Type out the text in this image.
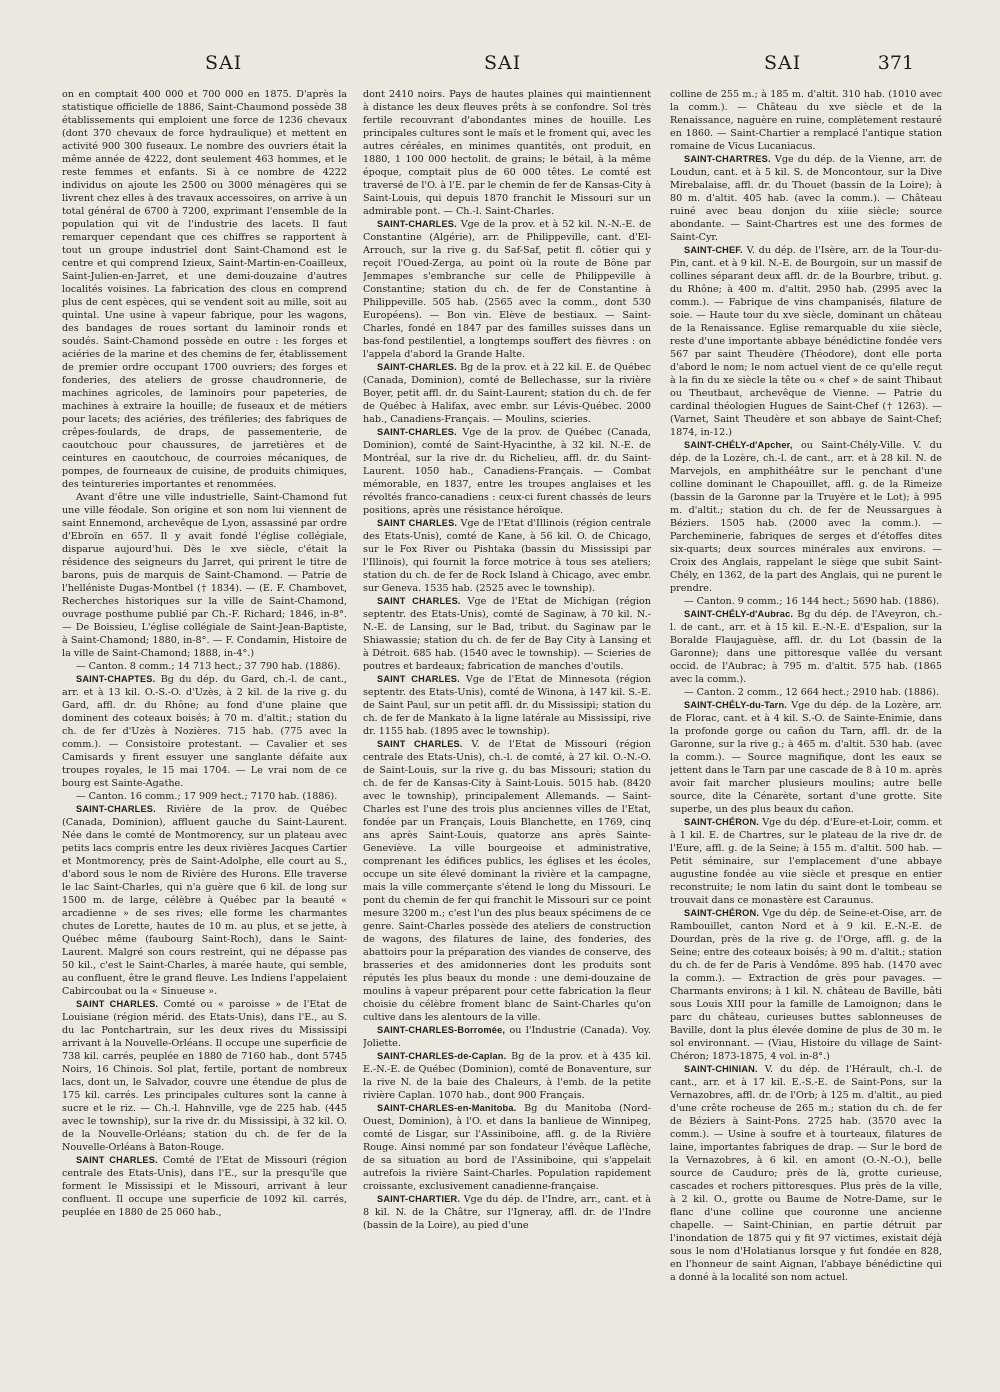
SAI	SAI	SAI	371

on en comptait 400 000 et 700 000 en 1875. D'après la statistique officielle de 1886, Saint-Chaumond possède 38 établissements qui emploient une force de 1236 chevaux (dont 370 chevaux de force hydraulique) et mettent en activité 900 300 fuseaux. Le nombre des ouvriers était la même année de 4222, dont seulement 463 hommes, et le reste femmes et enfants. Si à ce nombre de 4222 individus on ajoute les 2500 ou 3000 ménagères qui se livrent chez elles à des travaux accessoires, on arrive à un total général de 6700 à 7200, exprimant l'ensemble de la population qui vit de l'industrie des lacets. Il faut remarquer cependant que ces chiffres se rapportent à tout un groupe industriel dont Saint-Chamond est le centre et qui comprend Izieux, Saint-Martin-en-Coailleux, Saint-Julien-en-Jarret, et une demi-douzaine d'autres localités voisines. La fabrication des clous en comprend plus de cent espèces, qui se vendent soit au mille, soit au quintal. Une usine à vapeur fabrique, pour les wagons, des bandages de roues sortant du laminoir ronds et soudés. Saint-Chamond possède en outre : les forges et aciéries de la marine et des chemins de fer, établissement de premier ordre occupant 1700 ouvriers; des forges et fonderies, des ateliers de grosse chaudronnerie, de machines agricoles, de laminoirs pour papeteries, de machines à extraire la houille; de fuseaux et de métiers pour lacets; des aciéries, des tréfileries; des fabriques de crêpes-foulards, de draps, de passementerie, de caoutchouc pour chaussures, de jarretières et de ceintures en caoutchouc, de courroies mécaniques, de pompes, de fourneaux de cuisine, de produits chimiques, des teintureries importantes et renommées.

Avant d'être une ville industrielle, Saint-Chamond fut une ville féodale. Son origine et son nom lui viennent de saint Ennemond, archevêque de Lyon, assassiné par ordre d'Ebroïn en 657. Il y avait fondé l'église collégiale, disparue aujourd'hui. Dès le xve siècle, c'était la résidence des seigneurs du Jarret, qui prirent le titre de barons, puis de marquis de Saint-Chamond. — Patrie de l'helléniste Dugas-Montbel († 1834). — (E. F. Chambovet, Recherches historiques sur la ville de Saint-Chamond, ouvrage posthume publié par Ch.-F. Richard; 1846, in-8°. — De Boissieu, L'église collégiale de Saint-Jean-Baptiste, à Saint-Chamond; 1880, in-8°. — F. Condamin, Histoire de la ville de Saint-Chamond; 1888, in-4°.)

— Canton. 8 comm.; 14 713 hect.; 37 790 hab. (1886).

SAINT-CHAPTES. Bg du dép. du Gard, ch.-l. de cant., arr. et à 13 kil. O.-S.-O. d'Uzès, à 2 kil. de la rive g. du Gard, affl. dr. du Rhône; au fond d'une plaine que dominent des coteaux boisés; à 70 m. d'altit.; station du ch. de fer d'Uzès à Nozières. 715 hab. (775 avec la comm.). — Consistoire protestant. — Cavalier et ses Camisards y firent essuyer une sanglante défaite aux troupes royales, le 15 mai 1704. — Le vrai nom de ce bourg est Sainte-Agathe.

— Canton. 16 comm.; 17 909 hect.; 7170 hab. (1886).

SAINT-CHARLES. Rivière de la prov. de Québec (Canada, Dominion), affluent gauche du Saint-Laurent. Née dans le comté de Montmorency, sur un plateau avec petits lacs compris entre les deux rivières Jacques Cartier et Montmorency, près de Saint-Adolphe, elle court au S., d'abord sous le nom de Rivière des Hurons. Elle traverse le lac Saint-Charles, qui n'a guère que 6 kil. de long sur 1500 m. de large, célèbre à Québec par la beauté « arcadienne » de ses rives; elle forme les charmantes chutes de Lorette, hautes de 10 m. au plus, et se jette, à Québec même (faubourg Saint-Roch), dans le Saint-Laurent. Malgré son cours restreint, qui ne dépasse pas 50 kil., c'est le Saint-Charles, à marée haute, qui semble, au confluent, être le grand fleuve. Les Indiens l'appelaient Cabircoubat ou la « Sinueuse ».

SAINT CHARLES. Comté ou « paroisse » de l'Etat de Louisiane (région mérid. des Etats-Unis), dans l'E., au S. du lac Pontchartrain, sur les deux rives du Mississipi arrivant à la Nouvelle-Orléans. Il occupe une superficie de 738 kil. carrés, peuplée en 1880 de 7160 hab., dont 5745 Noirs, 16 Chinois. Sol plat, fertile, portant de nombreux lacs, dont un, le Salvador, couvre une étendue de plus de 175 kil. carrés. Les principales cultures sont la canne à sucre et le riz. — Ch.-l. Hahnville, vge de 225 hab. (445 avec le township), sur la rive dr. du Mississipi, à 32 kil. O. de la Nouvelle-Orléans; station du ch. de fer de la Nouvelle-Orléans à Baton-Rouge.

SAINT CHARLES. Comté de l'Etat de Missouri (région centrale des Etats-Unis), dans l'E., sur la presqu'île que forment le Mississipi et le Missouri, arrivant à leur confluent. Il occupe une superficie de 1092 kil. carrés, peuplée en 1880 de 25 060 hab.,

dont 2410 noirs. Pays de hautes plaines qui maintiennent à distance les deux fleuves prêts à se confondre. Sol très fertile recouvrant d'abondantes mines de houille. Les principales cultures sont le maïs et le froment qui, avec les autres céréales, en minimes quantités, ont produit, en 1880, 1 100 000 hectolit. de grains; le bétail, à la même époque, comptait plus de 60 000 têtes. Le comté est traversé de l'O. à l'E. par le chemin de fer de Kansas-City à Saint-Louis, qui depuis 1870 franchit le Missouri sur un admirable pont. — Ch.-l. Saint-Charles.

SAINT-CHARLES. Vge de la prov. et à 52 kil. N.-N.-E. de Constantine (Algérie), arr. de Philippeville, cant. d'El-Arrouch, sur la rive g. du Saf-Saf, petit fl. côtier qui y reçoit l'Oued-Zerga, au point où la route de Bône par Jemmapes s'embranche sur celle de Philippeville à Constantine; station du ch. de fer de Constantine à Philippeville. 505 hab. (2565 avec la comm., dont 530 Européens). — Bon vin. Elève de bestiaux. — Saint-Charles, fondé en 1847 par des familles suisses dans un bas-fond pestilentiel, a longtemps souffert des fièvres : on l'appela d'abord la Grande Halte.

SAINT-CHARLES. Bg de la prov. et à 22 kil. E. de Québec (Canada, Dominion), comté de Bellechasse, sur la rivière Boyer, petit affl. dr. du Saint-Laurent; station du ch. de fer de Québec à Halifax, avec embr. sur Lévis-Québec. 2000 hab., Canadiens-Français. — Moulins, scieries.

SAINT-CHARLES. Vge de la prov. de Québec (Canada, Dominion), comté de Saint-Hyacinthe, à 32 kil. N.-E. de Montréal, sur la rive dr. du Richelieu, affl. dr. du Saint-Laurent. 1050 hab., Canadiens-Français. — Combat mémorable, en 1837, entre les troupes anglaises et les révoltés franco-canadiens : ceux-ci furent chassés de leurs positions, après une résistance héroïque.

SAINT CHARLES. Vge de l'Etat d'Illinois (région centrale des Etats-Unis), comté de Kane, à 56 kil. O. de Chicago, sur le Fox River ou Pishtaka (bassin du Mississipi par l'Illinois), qui fournit la force motrice à tous ses ateliers; station du ch. de fer de Rock Island à Chicago, avec embr. sur Geneva. 1535 hab. (2525 avec le township).

SAINT CHARLES. Vge de l'Etat de Michigan (région septentr. des Etats-Unis), comté de Saginaw, à 70 kil. N.-N.-E. de Lansing, sur le Bad, tribut. du Saginaw par le Shiawassie; station du ch. de fer de Bay City à Lansing et à Détroit. 685 hab. (1540 avec le township). — Scieries de poutres et bardeaux; fabrication de manches d'outils.

SAINT CHARLES. Vge de l'Etat de Minnesota (région septentr. des Etats-Unis), comté de Winona, à 147 kil. S.-E. de Saint Paul, sur un petit affl. dr. du Mississipi; station du ch. de fer de Mankato à la ligne latérale au Mississipi, rive dr. 1155 hab. (1895 avec le township).

SAINT CHARLES. V. de l'Etat de Missouri (région centrale des Etats-Unis), ch.-l. de comté, à 27 kil. O.-N.-O. de Saint-Louis, sur la rive g. du bas Missouri; station du ch. de fer de Kansas-City à Saint-Louis. 5015 hab. (8420 avec le township), principalement Allemands. — Saint-Charles est l'une des trois plus anciennes villes de l'Etat, fondée par un Français, Louis Blanchette, en 1769, cinq ans après Saint-Louis, quatorze ans après Sainte-Geneviève. La ville bourgeoise et administrative, comprenant les édifices publics, les églises et les écoles, occupe un site élevé dominant la rivière et la campagne, mais la ville commerçante s'étend le long du Missouri. Le pont du chemin de fer qui franchit le Missouri sur ce point mesure 3200 m.; c'est l'un des plus beaux spécimens de ce genre. Saint-Charles possède des ateliers de construction de wagons, des filatures de laine, des fonderies, des abattoirs pour la préparation des viandes de conserve, des brasseries et des amidonneries dont les produits sont réputés les plus beaux du monde : une demi-douzaine de moulins à vapeur préparent pour cette fabrication la fleur choisie du célèbre froment blanc de Saint-Charles qu'on cultive dans les alentours de la ville.

SAINT-CHARLES-Borromée, ou l'Industrie (Canada). Voy. Joliette.

SAINT-CHARLES-de-Caplan. Bg de la prov. et à 435 kil. E.-N.-E. de Québec (Dominion), comté de Bonaventure, sur la rive N. de la baie des Chaleurs, à l'emb. de la petite rivière Caplan. 1070 hab., dont 900 Français.

SAINT-CHARLES-en-Manitoba. Bg du Manitoba (Nord-Ouest, Dominion), à l'O. et dans la banlieue de Winnipeg, comté de Lisgar, sur l'Assiniboine, affl. g. de la Rivière Rouge. Ainsi nommé par son fondateur l'évêque Laflèche, de sa situation au bord de l'Assiniboine, qui s'appelait autrefois la rivière Saint-Charles. Population rapidement croissante, exclusivement canadienne-française.

SAINT-CHARTIER. Vge du dép. de l'Indre, arr., cant. et à 8 kil. N. de la Châtre, sur l'Igneray, affl. dr. de l'Indre (bassin de la Loire), au pied d'une

colline de 255 m.; à 185 m. d'altit. 310 hab. (1010 avec la comm.). — Château du xve siècle et de la Renaissance, naguère en ruine, complètement restauré en 1860. — Saint-Chartier a remplacé l'antique station romaine de Vicus Lucaniacus.

SAINT-CHARTRES. Vge du dép. de la Vienne, arr. de Loudun, cant. et à 5 kil. S. de Moncontour, sur la Dive Mirebalaise, affl. dr. du Thouet (bassin de la Loire); à 80 m. d'altit. 405 hab. (avec la comm.). — Château ruiné avec beau donjon du xiiie siècle; source abondante. — Saint-Chartres est une des formes de Saint-Cyr.

SAINT-CHEF. V. du dép. de l'Isère, arr. de la Tour-du-Pin, cant. et à 9 kil. N.-E. de Bourgoin, sur un massif de collines séparant deux affl. dr. de la Bourbre, tribut. g. du Rhône; à 400 m. d'altit. 2950 hab. (2995 avec la comm.). — Fabrique de vins champanisés, filature de soie. — Haute tour du xve siècle, dominant un château de la Renaissance. Eglise remarquable du xiie siècle, reste d'une importante abbaye bénédictine fondée vers 567 par saint Theudère (Théodore), dont elle porta d'abord le nom; le nom actuel vient de ce qu'elle reçut à la fin du xe siècle la tête ou « chef » de saint Thibaut ou Theutbaut, archevêque de Vienne. — Patrie du cardinal théologien Hugues de Saint-Chef († 1263). — (Varnet, Saint Theudère et son abbaye de Saint-Chef; 1874, in-12.)

SAINT-CHÉLY-d'Apcher, ou Saint-Chély-Ville. V. du dép. de la Lozère, ch.-l. de cant., arr. et à 28 kil. N. de Marvejols, en amphithéâtre sur le penchant d'une colline dominant le Chapouillet, affl. g. de la Rimeize (bassin de la Garonne par la Truyère et le Lot); à 995 m. d'altit.; station du ch. de fer de Neussargues à Béziers. 1505 hab. (2000 avec la comm.). — Parcheminerie, fabriques de serges et d'étoffes dites six-quarts; deux sources minérales aux environs. — Croix des Anglais, rappelant le siège que subit Saint-Chély, en 1362, de la part des Anglais, qui ne purent le prendre.

— Canton. 9 comm.; 16 144 hect.; 5690 hab. (1886).

SAINT-CHÉLY-d'Aubrac. Bg du dép. de l'Aveyron, ch.-l. de cant., arr. et à 15 kil. E.-N.-E. d'Espalion, sur la Boralde Flaujaguèse, affl. dr. du Lot (bassin de la Garonne); dans une pittoresque vallée du versant occid. de l'Aubrac; à 795 m. d'altit. 575 hab. (1865 avec la comm.).

— Canton. 2 comm., 12 664 hect.; 2910 hab. (1886).

SAINT-CHÉLY-du-Tarn. Vge du dép. de la Lozère, arr. de Florac, cant. et à 4 kil. S.-O. de Sainte-Enimie, dans la profonde gorge ou cañon du Tarn, affl. dr. de la Garonne, sur la rive g.; à 465 m. d'altit. 530 hab. (avec la comm.). — Source magnifique, dont les eaux se jettent dans le Tarn par une cascade de 8 à 10 m. après avoir fait marcher plusieurs moulins; autre belle source, dite la Cénarète, sortant d'une grotte. Site superbe, un des plus beaux du cañon.

SAINT-CHÉRON. Vge du dép. d'Eure-et-Loir, comm. et à 1 kil. E. de Chartres, sur le plateau de la rive dr. de l'Eure, affl. g. de la Seine; à 155 m. d'altit. 500 hab. — Petit séminaire, sur l'emplacement d'une abbaye augustine fondée au viie siècle et presque en entier reconstruite; le nom latin du saint dont le tombeau se trouvait dans ce monastère est Caraunus.

SAINT-CHÉRON. Vge du dép. de Seine-et-Oise, arr. de Rambouillet, canton Nord et à 9 kil. E.-N.-E. de Dourdan, près de la rive g. de l'Orge, affl. g. de la Seine; entre des coteaux boisés; à 90 m. d'altit.; station du ch. de fer de Paris à Vendôme. 895 hab. (1470 avec la comm.). — Extraction de grès pour pavages. — Charmants environs; à 1 kil. N. château de Baville, bâti sous Louis XIII pour la famille de Lamoignon; dans le parc du château, curieuses buttes sablonneuses de Baville, dont la plus élevée domine de plus de 30 m. le sol environnant. — (Viau, Histoire du village de Saint-Chéron; 1873-1875, 4 vol. in-8°.)

SAINT-CHINIAN. V. du dép. de l'Hérault, ch.-l. de cant., arr. et à 17 kil. E.-S.-E. de Saint-Pons, sur la Vernazobres, affl. dr. de l'Orb; à 125 m. d'altit., au pied d'une crête rocheuse de 265 m.; station du ch. de fer de Béziers à Saint-Pons. 2725 hab. (3570 avec la comm.). — Usine à soufre et à tourteaux, filatures de laine, importantes fabriques de drap. — Sur le bord de la Vernazobres, à 6 kil. en amont (O.-N.-O.), belle source de Cauduro; près de là, grotte curieuse, cascades et rochers pittoresques. Plus près de la ville, à 2 kil. O., grotte ou Baume de Notre-Dame, sur le flanc d'une colline que couronne une ancienne chapelle. — Saint-Chinian, en partie détruit par l'inondation de 1875 qui y fit 97 victimes, existait déjà sous le nom d'Holatianus lorsque y fut fondée en 828, en l'honneur de saint Aignan, l'abbaye bénédictine qui a donné à la localité son nom actuel.
